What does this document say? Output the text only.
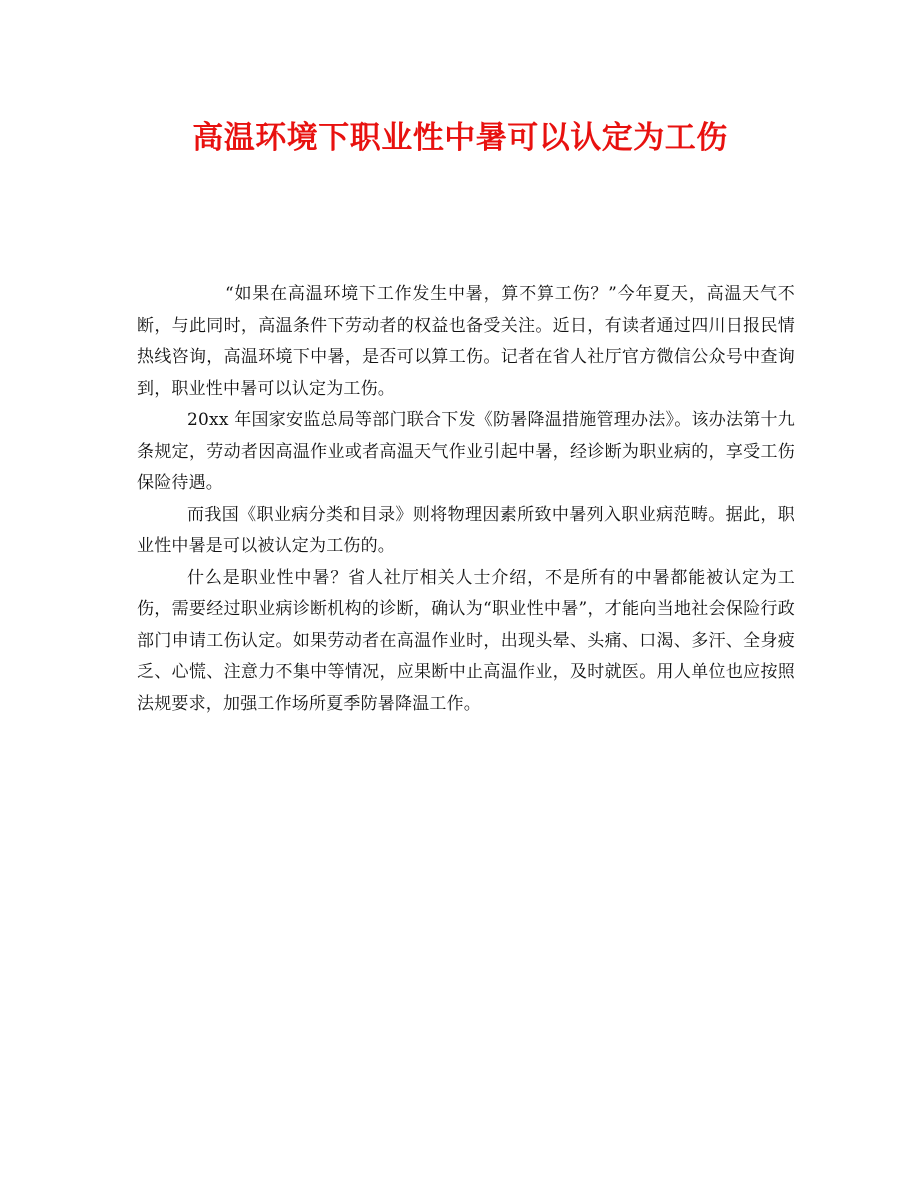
高温环境下职业性中暑可以认定为工伤

“如果在高温环境下工作发生中暑，算不算工伤？”今年夏天，高温天气不断，与此同时，高温条件下劳动者的权益也备受关注。近日，有读者通过四川日报民情热线咨询，高温环境下中暑，是否可以算工伤。记者在省人社厅官方微信公众号中查询到，职业性中暑可以认定为工伤。

20xx 年国家安监总局等部门联合下发《防暑降温措施管理办法》。该办法第十九条规定，劳动者因高温作业或者高温天气作业引起中暑，经诊断为职业病的，享受工伤保险待遇。

而我国《职业病分类和目录》则将物理因素所致中暑列入职业病范畴。据此，职业性中暑是可以被认定为工伤的。

什么是职业性中暑？省人社厅相关人士介绍，不是所有的中暑都能被认定为工伤，需要经过职业病诊断机构的诊断，确认为“职业性中暑”，才能向当地社会保险行政部门申请工伤认定。如果劳动者在高温作业时，出现头晕、头痛、口渴、多汗、全身疲乏、心慌、注意力不集中等情况，应果断中止高温作业，及时就医。用人单位也应按照法规要求，加强工作场所夏季防暑降温工作。
